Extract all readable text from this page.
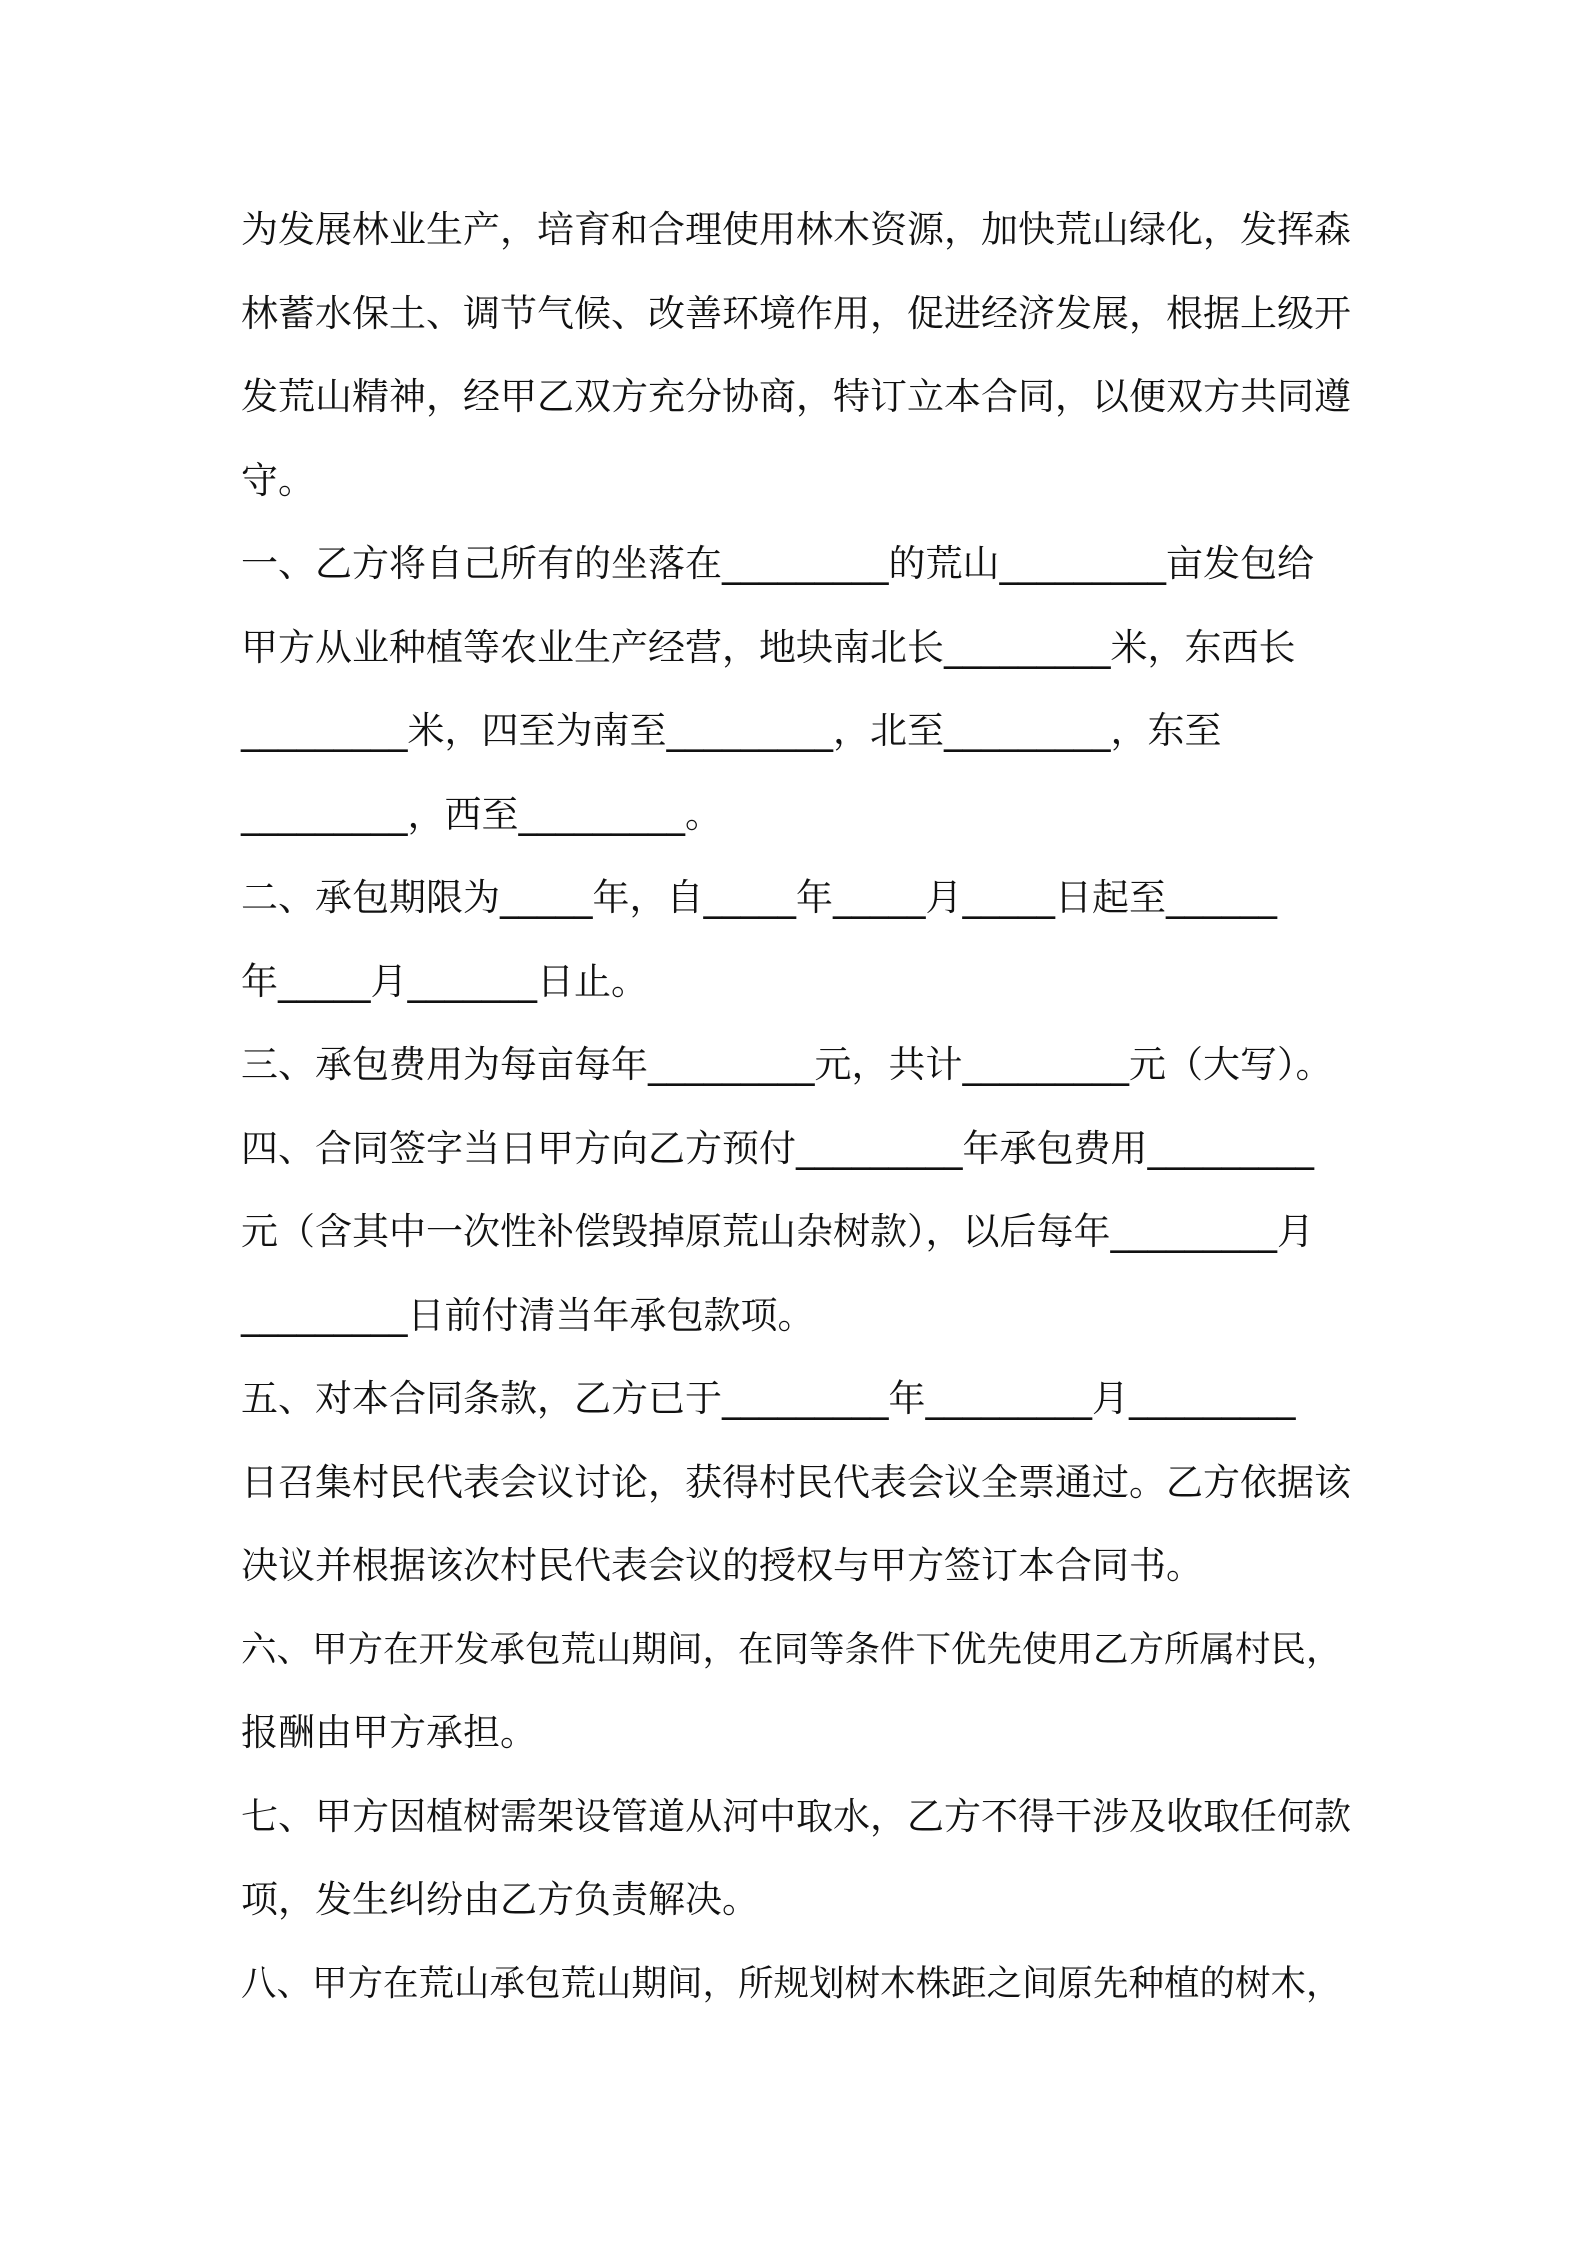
为发展林业生产，培育和合理使用林木资源，加快荒山绿化，发挥森

林蓄水保土、调节气候、改善环境作用，促进经济发展，根据上级开

发荒山精神，经甲乙双方充分协商，特订立本合同，以便双方共同遵

守。

一、乙方将自己所有的坐落在_________的荒山_________亩发包给

甲方从业种植等农业生产经营，地块南北长_________米，东西长

_________米，四至为南至_________，北至_________，东至

_________，西至_________。

二、承包期限为_____年，自_____年_____月_____日起至______

年_____月_______日止。

三、承包费用为每亩每年_________元，共计_________元（大写）。

四、合同签字当日甲方向乙方预付_________年承包费用_________

元（含其中一次性补偿毁掉原荒山杂树款），以后每年_________月

_________日前付清当年承包款项。

五、对本合同条款，乙方已于_________年_________月_________

日召集村民代表会议讨论，获得村民代表会议全票通过。乙方依据该

决议并根据该次村民代表会议的授权与甲方签订本合同书。

六、甲方在开发承包荒山期间，在同等条件下优先使用乙方所属村民，

报酬由甲方承担。

七、甲方因植树需架设管道从河中取水，乙方不得干涉及收取任何款

项，发生纠纷由乙方负责解决。

八、甲方在荒山承包荒山期间，所规划树木株距之间原先种植的树木，
